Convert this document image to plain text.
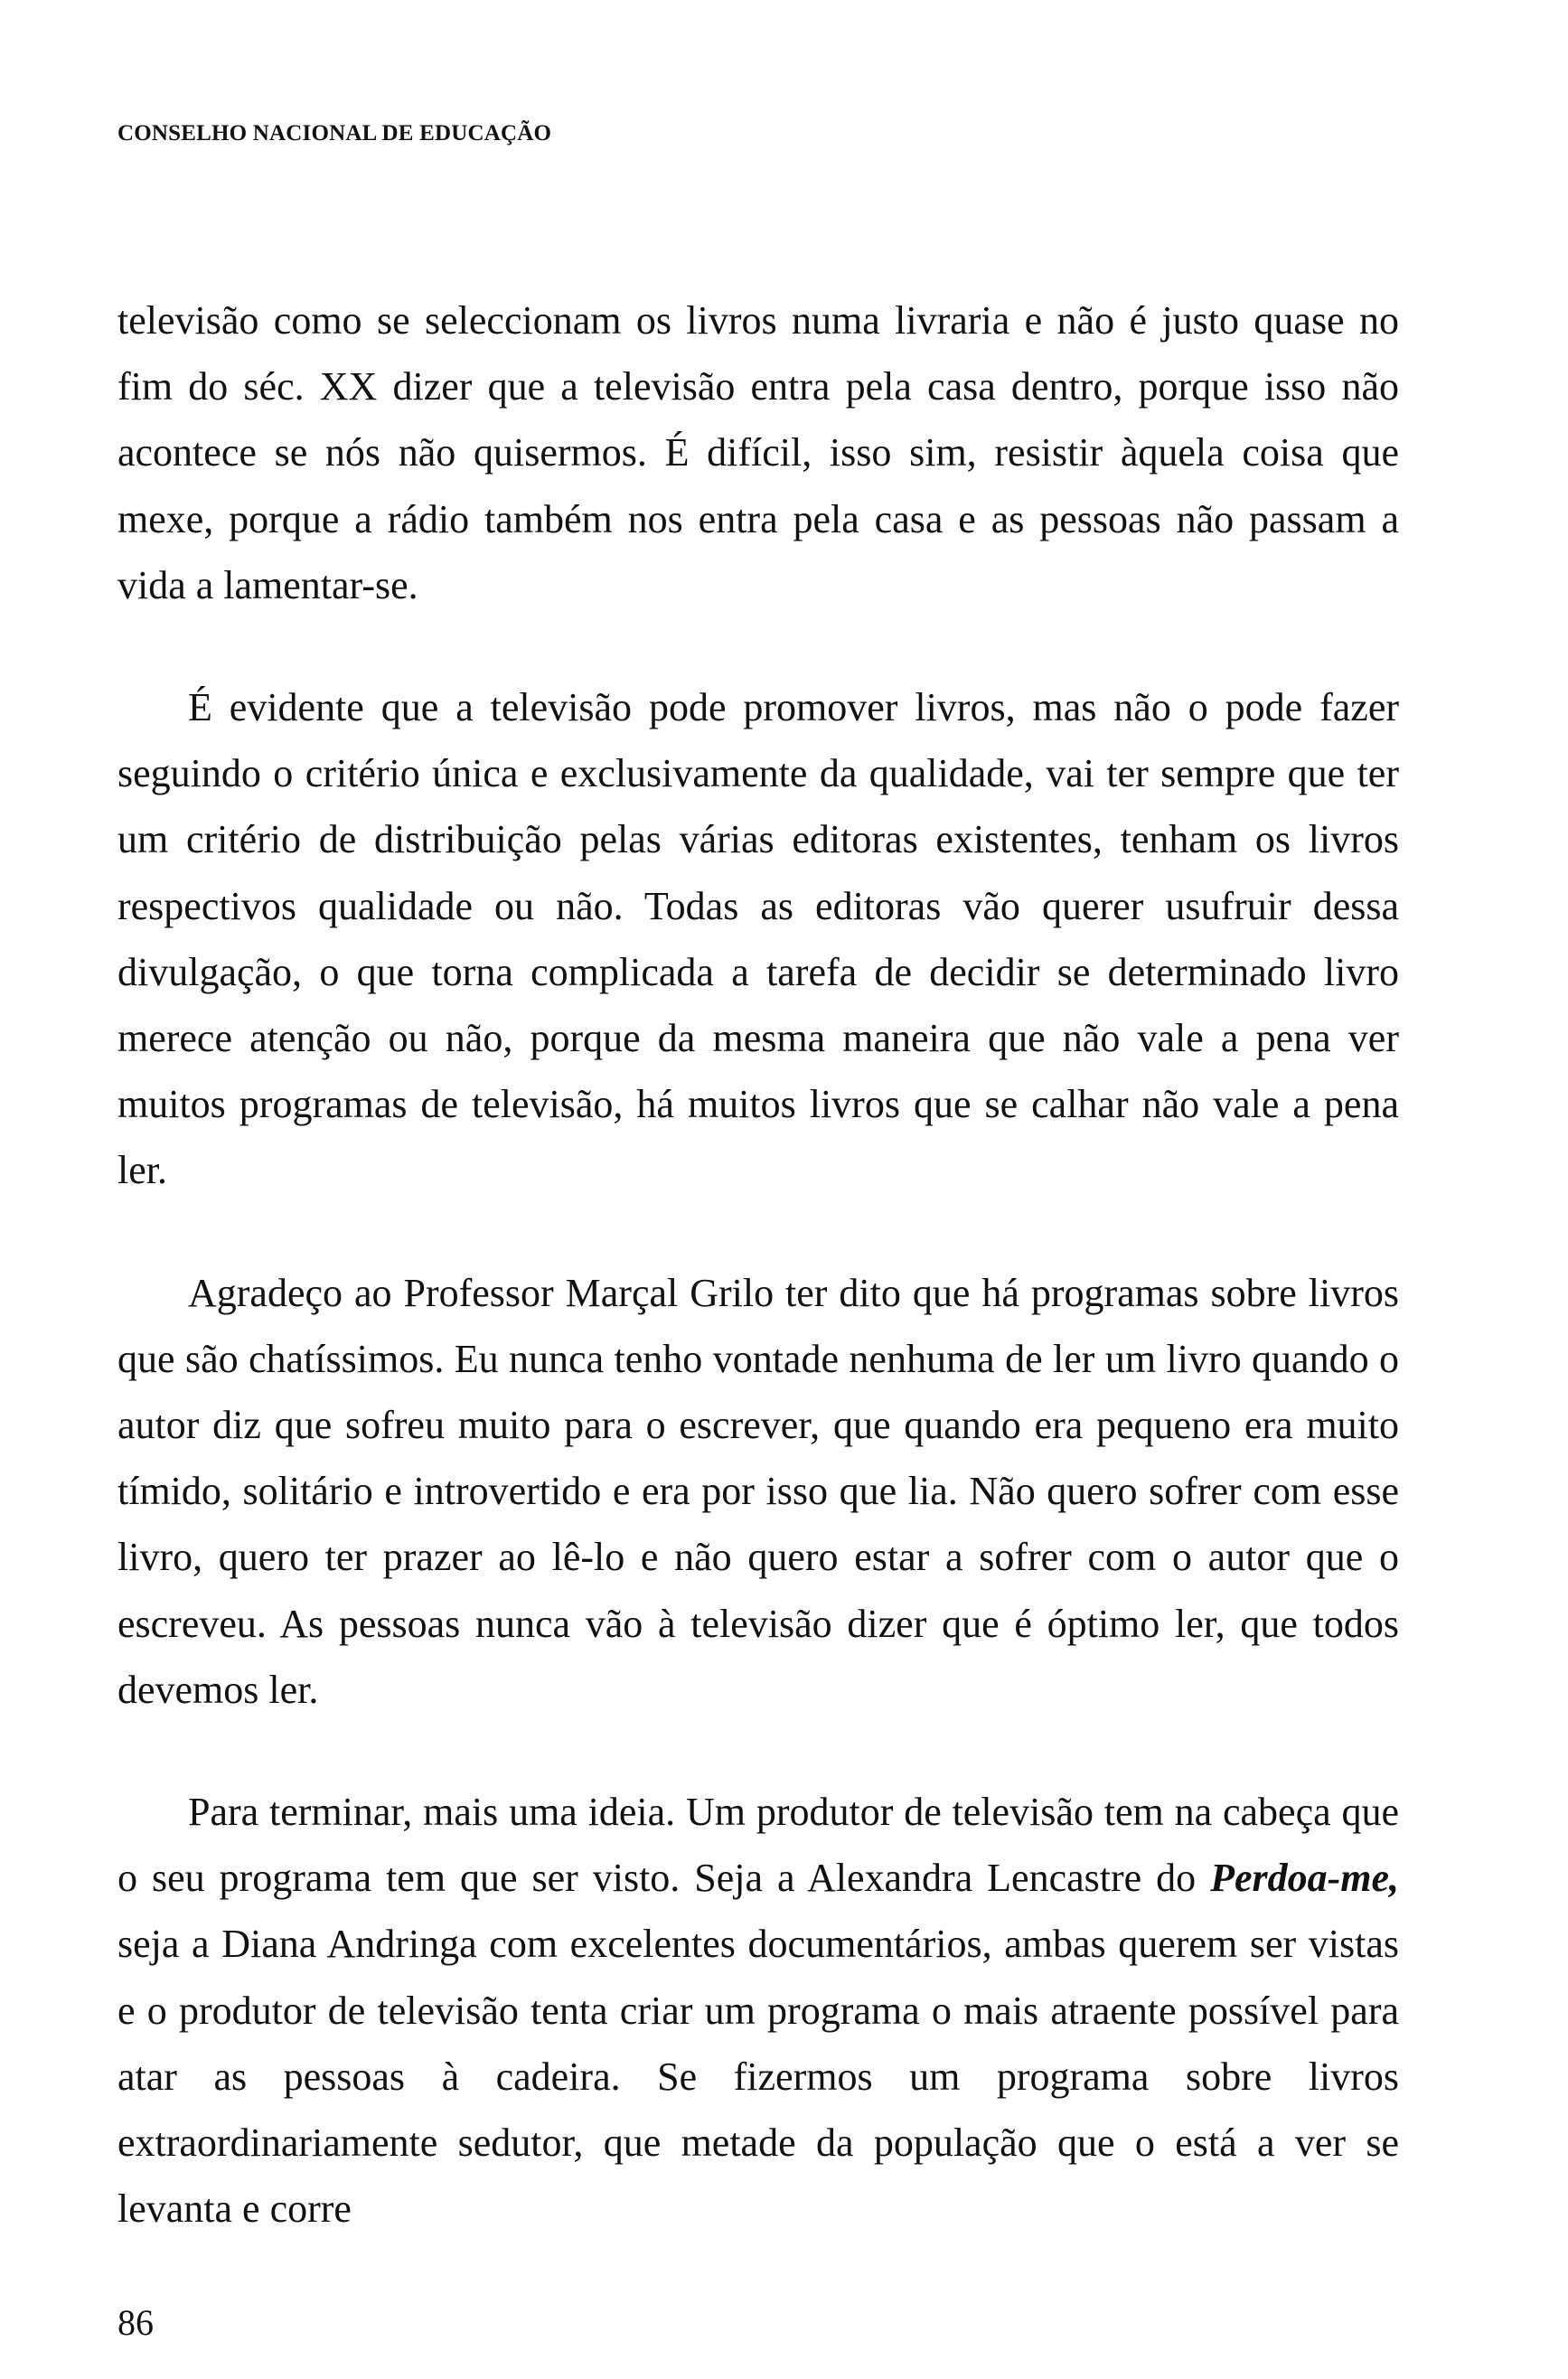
CONSELHO NACIONAL DE EDUCAÇÃO

televisão como se seleccionam os livros numa livraria e não é justo quase no fim do séc. XX dizer que a televisão entra pela casa dentro, porque isso não acontece se nós não quisermos. É difícil, isso sim, resistir àquela coisa que mexe, porque a rádio também nos entra pela casa e as pessoas não passam a vida a lamentar-se.

É evidente que a televisão pode promover livros, mas não o pode fazer seguindo o critério única e exclusivamente da qualidade, vai ter sempre que ter um critério de distribuição pelas várias editoras existentes, tenham os livros respectivos qualidade ou não. Todas as editoras vão querer usufruir dessa divulgação, o que torna complicada a tarefa de decidir se determinado livro merece atenção ou não, porque da mesma maneira que não vale a pena ver muitos programas de televisão, há muitos livros que se calhar não vale a pena ler.

Agradeço ao Professor Marçal Grilo ter dito que há programas sobre livros que são chatíssimos. Eu nunca tenho vontade nenhuma de ler um livro quando o autor diz que sofreu muito para o escrever, que quando era pequeno era muito tímido, solitário e introvertido e era por isso que lia. Não quero sofrer com esse livro, quero ter prazer ao lê-lo e não quero estar a sofrer com o autor que o escreveu. As pessoas nunca vão à televisão dizer que é óptimo ler, que todos devemos ler.

Para terminar, mais uma ideia. Um produtor de televisão tem na cabeça que o seu programa tem que ser visto. Seja a Alexandra Lencastre do Perdoa-me, seja a Diana Andringa com excelentes documentários, ambas querem ser vistas e o produtor de televisão tenta criar um programa o mais atraente possível para atar as pessoas à cadeira. Se fizermos um programa sobre livros extraordinariamente sedutor, que metade da população que o está a ver se levanta e corre

86
